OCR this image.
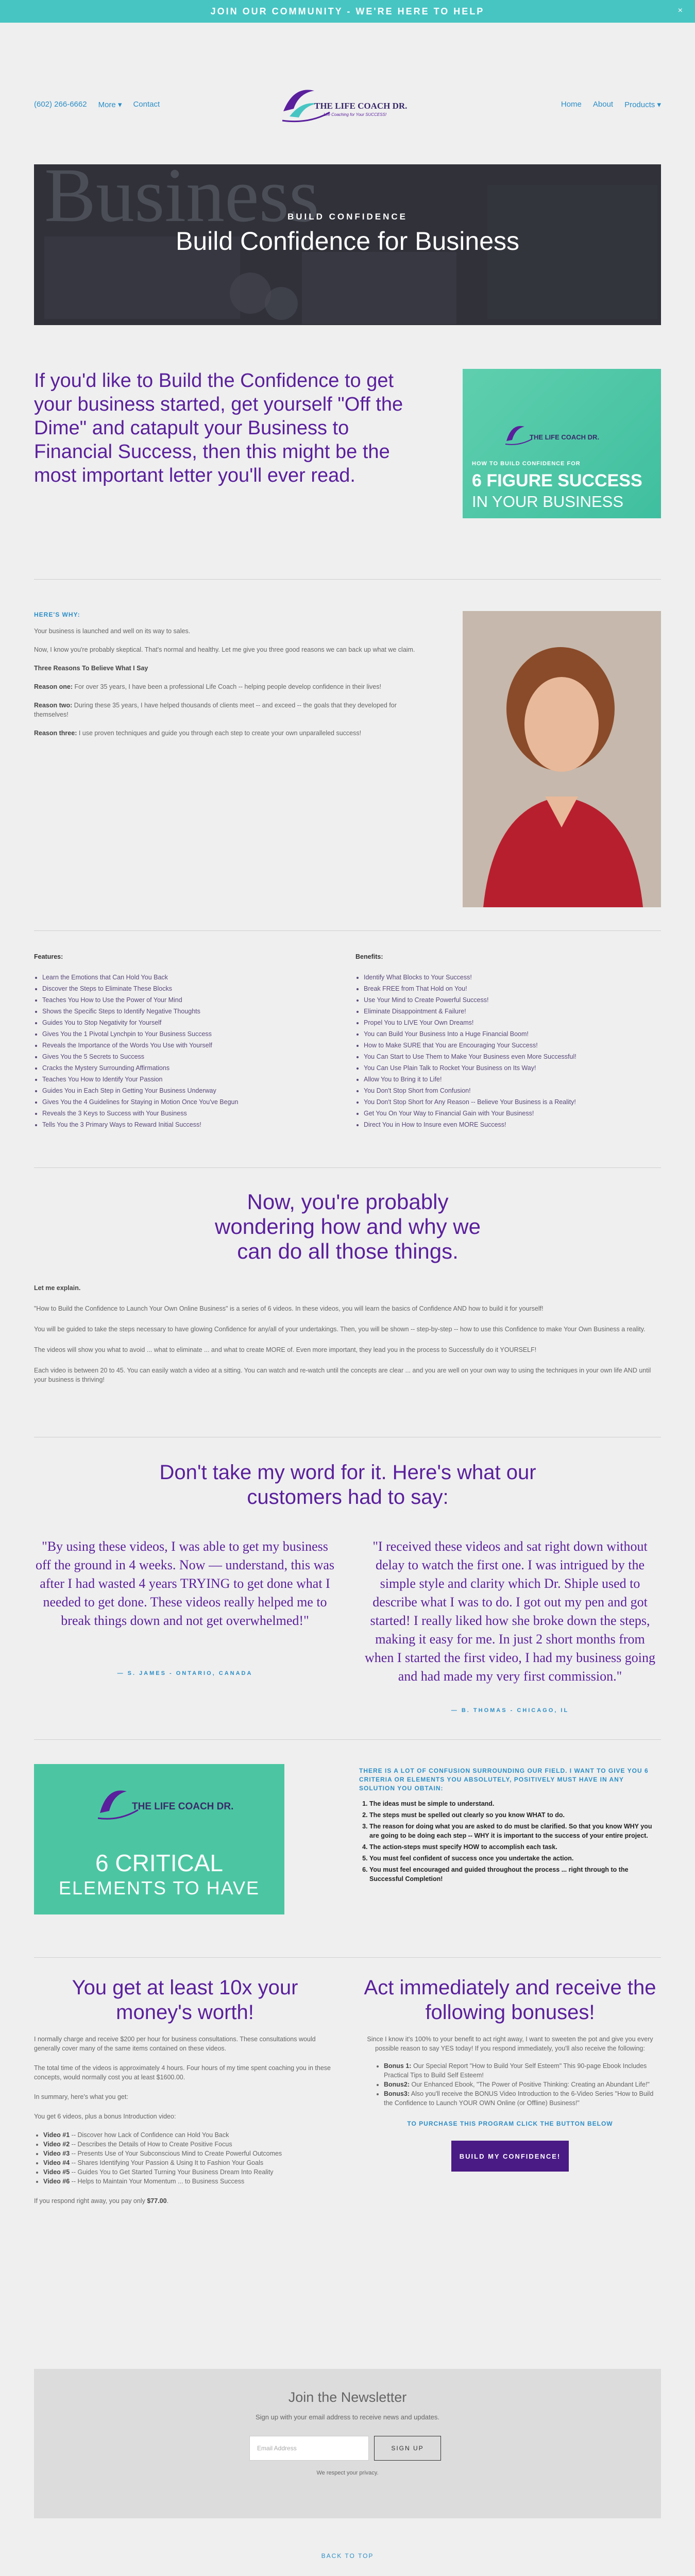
JOIN OUR COMMUNITY - WE'RE HERE TO HELP	×
(602) 266-6662 More ▾ Contact	THE LIFE COACH DR.
Life Coaching for Your SUCCESS!
Home About Products ▾
BUILD CONFIDENCE
Build Confidence for Business
If you'd like to Build the Confidence to get your business started, get yourself "Off the Dime" and catapult your Business to Financial Success, then this might be the most important letter you'll ever read.
THE LIFE COACH DR.
HOW TO BUILD CONFIDENCE FOR
6 FIGURE SUCCESS
IN YOUR BUSINESS
HERE'S WHY:

Your business is launched and well on its way to sales.

Now, I know you're probably skeptical. That's normal and healthy. Let me give you three good reasons we can back up what we claim.

Three Reasons To Believe What I Say

Reason one: For over 35 years, I have been a professional Life Coach -- helping people develop confidence in their lives!

Reason two: During these 35 years, I have helped thousands of clients meet -- and exceed -- the goals that they developed for themselves!

Reason three: I use proven techniques and guide you through each step to create your own unparalleled success!

Features:
• Learn the Emotions that Can Hold You Back
• Discover the Steps to Eliminate These Blocks
• Teaches You How to Use the Power of Your Mind
• Shows the Specific Steps to Identify Negative Thoughts
• Guides You to Stop Negativity for Yourself
• Gives You the 1 Pivotal Lynchpin to Your Business Success
• Reveals the Importance of the Words You Use with Yourself
• Gives You the 5 Secrets to Success
• Cracks the Mystery Surrounding Affirmations
• Teaches You How to Identify Your Passion
• Guides You in Each Step in Getting Your Business Underway
• Gives You the 4 Guidelines for Staying in Motion Once You've Begun
• Reveals the 3 Keys to Success with Your Business
• Tells You the 3 Primary Ways to Reward Initial Success!
Benefits:
• Identify What Blocks to Your Success!
• Break FREE from That Hold on You!
• Use Your Mind to Create Powerful Success!
• Eliminate Disappointment & Failure!
• Propel You to LIVE Your Own Dreams!
• You can Build Your Business Into a Huge Financial Boom!
• How to Make SURE that You are Encouraging Your Success!
• You Can Start to Use Them to Make Your Business even More Successful!
• You Can Use Plain Talk to Rocket Your Business on Its Way!
• Allow You to Bring it to Life!
• You Don't Stop Short from Confusion!
• You Don't Stop Short for Any Reason -- Believe Your Business is a Reality!
• Get You On Your Way to Financial Gain with Your Business!
• Direct You in How to Insure even MORE Success!
Now, you're probably wondering how and why we can do all those things.

Let me explain.

"How to Build the Confidence to Launch Your Own Online Business" is a series of 6 videos. In these videos, you will learn the basics of Confidence AND how to build it for yourself!

You will be guided to take the steps necessary to have glowing Confidence for any/all of your undertakings. Then, you will be shown -- step-by-step -- how to use this Confidence to make Your Own Business a reality.

The videos will show you what to avoid ... what to eliminate ... and what to create MORE of. Even more important, they lead you in the process to Successfully do it YOURSELF!

Each video is between 20 to 45. You can easily watch a video at a sitting. You can watch and re-watch until the concepts are clear ... and you are well on your own way to using the techniques in your own life AND until your business is thriving!

Don't take my word for it. Here's what our customers had to say:
"By using these videos, I was able to get my business off the ground in 4 weeks. Now — understand, this was after I had wasted 4 years TRYING to get done what I needed to get done. These videos really helped me to break things down and not get overwhelmed!"
— S. JAMES - ONTARIO, CANADA
"I received these videos and sat right down without delay to watch the first one. I was intrigued by the simple style and clarity which Dr. Shiple used to describe what I was to do. I got out my pen and got started! I really liked how she broke down the steps, making it easy for me. In just 2 short months from when I started the first video, I had my business going and had made my very first commission."
— B. THOMAS - CHICAGO, IL
THE LIFE COACH DR.
6 CRITICAL
ELEMENTS TO HAVE
THERE IS A LOT OF CONFUSION SURROUNDING OUR FIELD. I WANT TO GIVE YOU 6 CRITERIA OR ELEMENTS YOU ABSOLUTELY, POSITIVELY MUST HAVE IN ANY SOLUTION YOU OBTAIN:
1. The ideas must be simple to understand.
2. The steps must be spelled out clearly so you know WHAT to do.
3. The reason for doing what you are asked to do must be clarified. So that you know WHY you are going to be doing each step -- WHY it is important to the success of your entire project.
4. The action-steps must specify HOW to accomplish each task.
5. You must feel confident of success once you undertake the action.
6. You must feel encouraged and guided throughout the process ... right through to the Successful Completion!
You get at least 10x your money's worth!

I normally charge and receive $200 per hour for business consultations. These consultations would generally cover many of the same items contained on these videos.

The total time of the videos is approximately 4 hours. Four hours of my time spent coaching you in these concepts, would normally cost you at least $1600.00.

In summary, here's what you get:

You get 6 videos, plus a bonus Introduction video:

• Video #1 -- Discover how Lack of Confidence can Hold You Back
• Video #2 -- Describes the Details of How to Create Positive Focus
• Video #3 -- Presents Use of Your Subconscious Mind to Create Powerful Outcomes
• Video #4 -- Shares Identifying Your Passion & Using It to Fashion Your Goals
• Video #5 -- Guides You to Get Started Turning Your Business Dream Into Reality
• Video #6 -- Helps to Maintain Your Momentum ... to Business Success

If you respond right away, you pay only $77.00.

Act immediately and receive the following bonuses!

Since I know it's 100% to your benefit to act right away, I want to sweeten the pot and give you every possible reason to say YES today! If you respond immediately, you'll also receive the following:

• Bonus 1: Our Special Report "How to Build Your Self Esteem" This 90-page Ebook Includes Practical Tips to Build Self Esteem!
• Bonus2: Our Enhanced Ebook, "The Power of Positive Thinking: Creating an Abundant Life!"
• Bonus3: Also you'll receive the BONUS Video Introduction to the 6-Video Series "How to Build the Confidence to Launch YOUR OWN Online (or Offline) Business!"
TO PURCHASE THIS PROGRAM CLICK THE BUTTON BELOW
BUILD MY CONFIDENCE!
Join the Newsletter
Sign up with your email address to receive news and updates.
Email Address	SIGN UP
We respect your privacy.
BACK TO TOP
